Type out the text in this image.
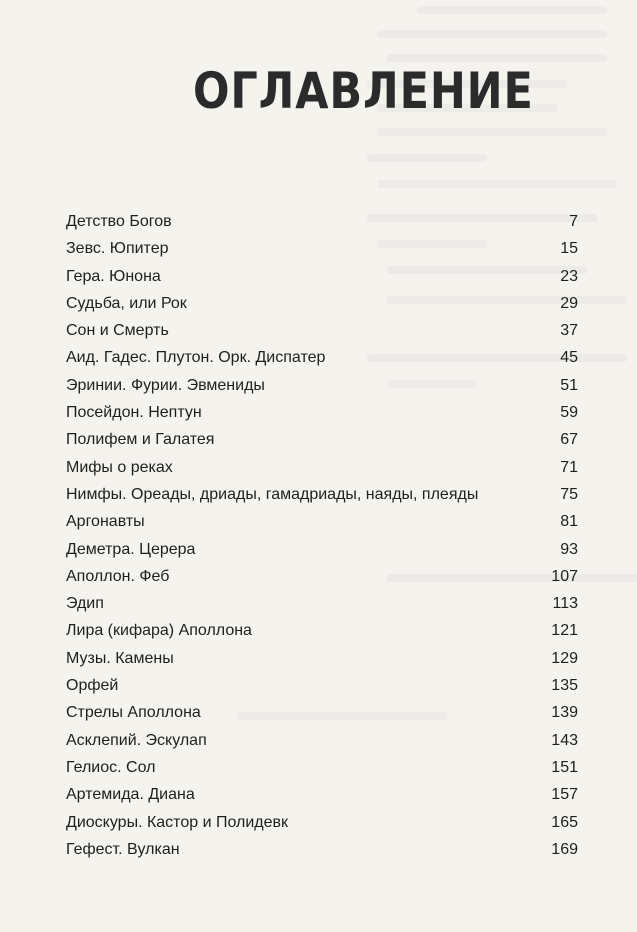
ОГЛАВЛЕНИЕ
Детство Богов	7
Зевс. Юпитер	15
Гера. Юнона	23
Судьба, или Рок	29
Сон и Смерть	37
Аид. Гадес. Плутон. Орк. Диспатер	45
Эринии. Фурии. Эвмениды	51
Посейдон. Нептун	59
Полифем и Галатея	67
Мифы о реках	71
Нимфы. Ореады, дриады, гамадриады, наяды, плеяды	75
Аргонавты	81
Деметра. Церера	93
Аполлон. Феб	107
Эдип	113
Лира (кифара) Аполлона	121
Музы. Камены	129
Орфей	135
Стрелы Аполлона	139
Асклепий. Эскулап	143
Гелиос. Сол	151
Артемида. Диана	157
Диоскуры. Кастор и Полидевк	165
Гефест. Вулкан	169
